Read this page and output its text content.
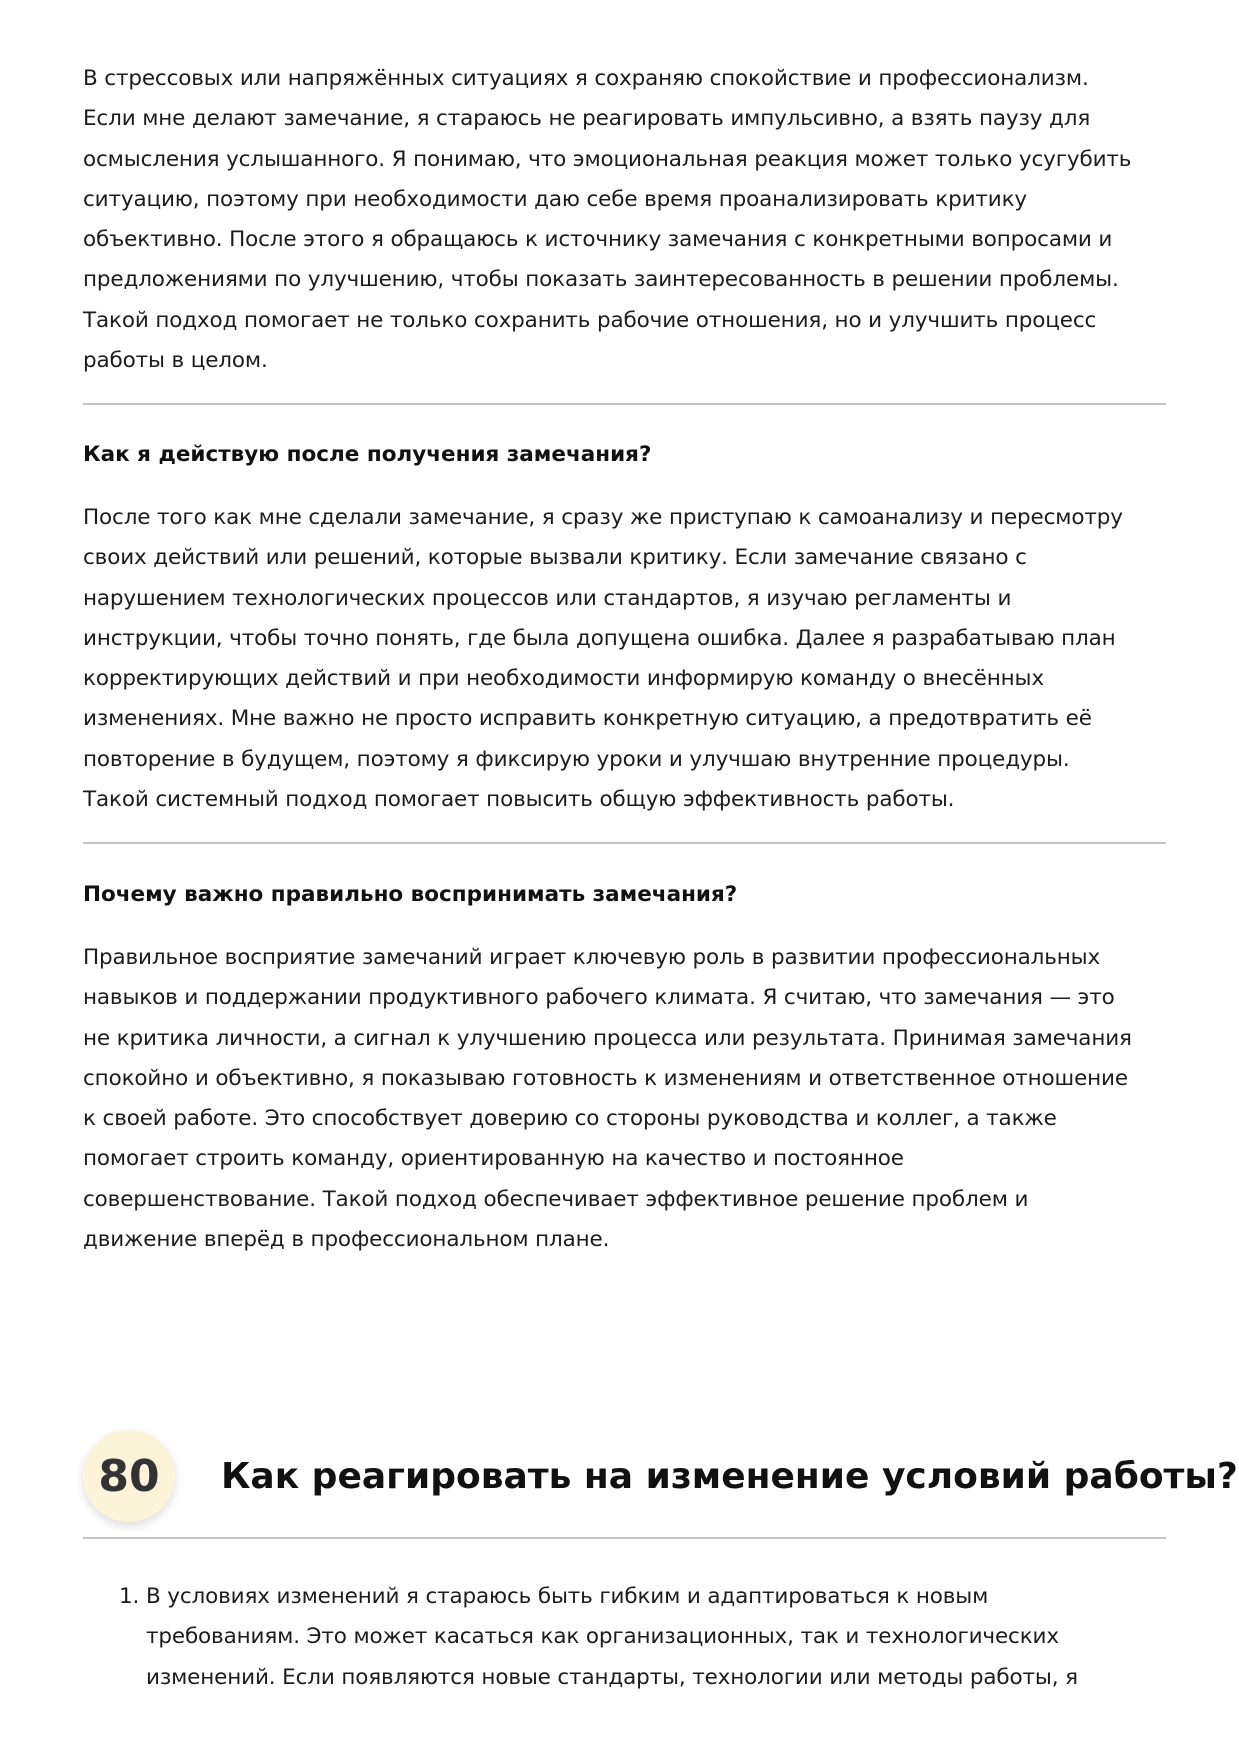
В стрессовых или напряжённых ситуациях я сохраняю спокойствие и профессионализм.
Если мне делают замечание, я стараюсь не реагировать импульсивно, а взять паузу для
осмысления услышанного. Я понимаю, что эмоциональная реакция может только усугубить
ситуацию, поэтому при необходимости даю себе время проанализировать критику
объективно. После этого я обращаюсь к источнику замечания с конкретными вопросами и
предложениями по улучшению, чтобы показать заинтересованность в решении проблемы.
Такой подход помогает не только сохранить рабочие отношения, но и улучшить процесс
работы в целом.

Как я действую после получения замечания?

После того как мне сделали замечание, я сразу же приступаю к самоанализу и пересмотру
своих действий или решений, которые вызвали критику. Если замечание связано с
нарушением технологических процессов или стандартов, я изучаю регламенты и
инструкции, чтобы точно понять, где была допущена ошибка. Далее я разрабатываю план
корректирующих действий и при необходимости информирую команду о внесённых
изменениях. Мне важно не просто исправить конкретную ситуацию, а предотвратить её
повторение в будущем, поэтому я фиксирую уроки и улучшаю внутренние процедуры.
Такой системный подход помогает повысить общую эффективность работы.

Почему важно правильно воспринимать замечания?

Правильное восприятие замечаний играет ключевую роль в развитии профессиональных
навыков и поддержании продуктивного рабочего климата. Я считаю, что замечания — это
не критика личности, а сигнал к улучшению процесса или результата. Принимая замечания
спокойно и объективно, я показываю готовность к изменениям и ответственное отношение
к своей работе. Это способствует доверию со стороны руководства и коллег, а также
помогает строить команду, ориентированную на качество и постоянное
совершенствование. Такой подход обеспечивает эффективное решение проблем и
движение вперёд в профессиональном плане.

80	Как реагировать на изменение условий работы?
1. В условиях изменений я стараюсь быть гибким и адаптироваться к новым
требованиям. Это может касаться как организационных, так и технологических
изменений. Если появляются новые стандарты, технологии или методы работы, я
